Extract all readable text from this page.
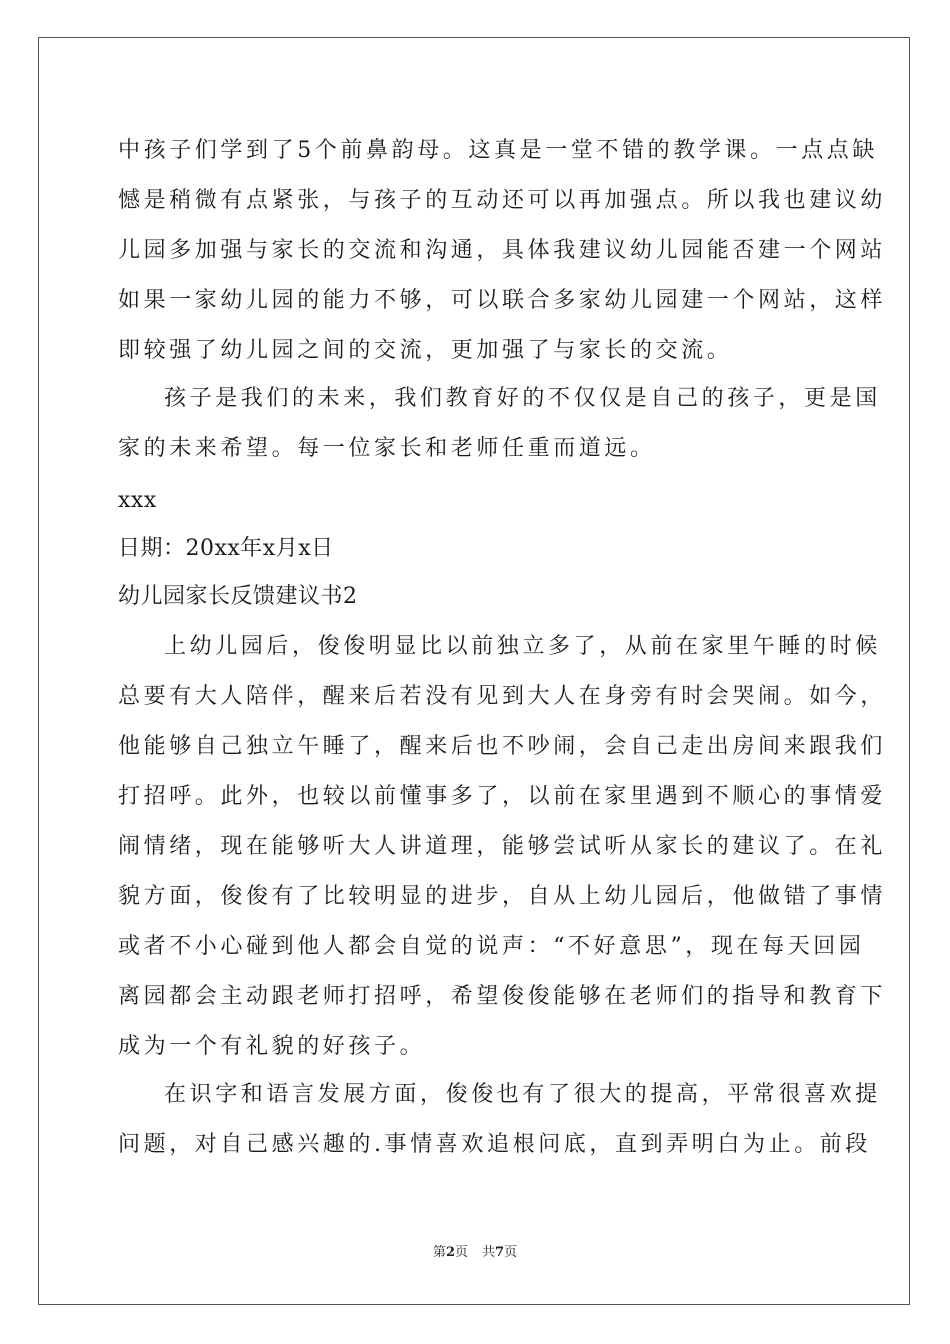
中孩子们学到了5个前鼻韵母。这真是一堂不错的教学课。一点点缺
憾是稍微有点紧张，与孩子的互动还可以再加强点。所以我也建议幼
儿园多加强与家长的交流和沟通，具体我建议幼儿园能否建一个网站
如果一家幼儿园的能力不够，可以联合多家幼儿园建一个网站，这样
即较强了幼儿园之间的交流，更加强了与家长的交流。
孩子是我们的未来，我们教育好的不仅仅是自己的孩子，更是国
家的未来希望。每一位家长和老师任重而道远。
xxx
日期：20xx年x月x日
幼儿园家长反馈建议书2
上幼儿园后，俊俊明显比以前独立多了，从前在家里午睡的时候
总要有大人陪伴，醒来后若没有见到大人在身旁有时会哭闹。如今，
他能够自己独立午睡了，醒来后也不吵闹，会自己走出房间来跟我们
打招呼。此外，也较以前懂事多了，以前在家里遇到不顺心的事情爱
闹情绪，现在能够听大人讲道理，能够尝试听从家长的建议了。在礼
貌方面，俊俊有了比较明显的进步，自从上幼儿园后，他做错了事情
或者不小心碰到他人都会自觉的说声：“不好意思”，现在每天回园
离园都会主动跟老师打招呼，希望俊俊能够在老师们的指导和教育下
成为一个有礼貌的好孩子。
在识字和语言发展方面，俊俊也有了很大的提高，平常很喜欢提
问题，对自己感兴趣的.事情喜欢追根问底，直到弄明白为止。前段
第2页 共7页
